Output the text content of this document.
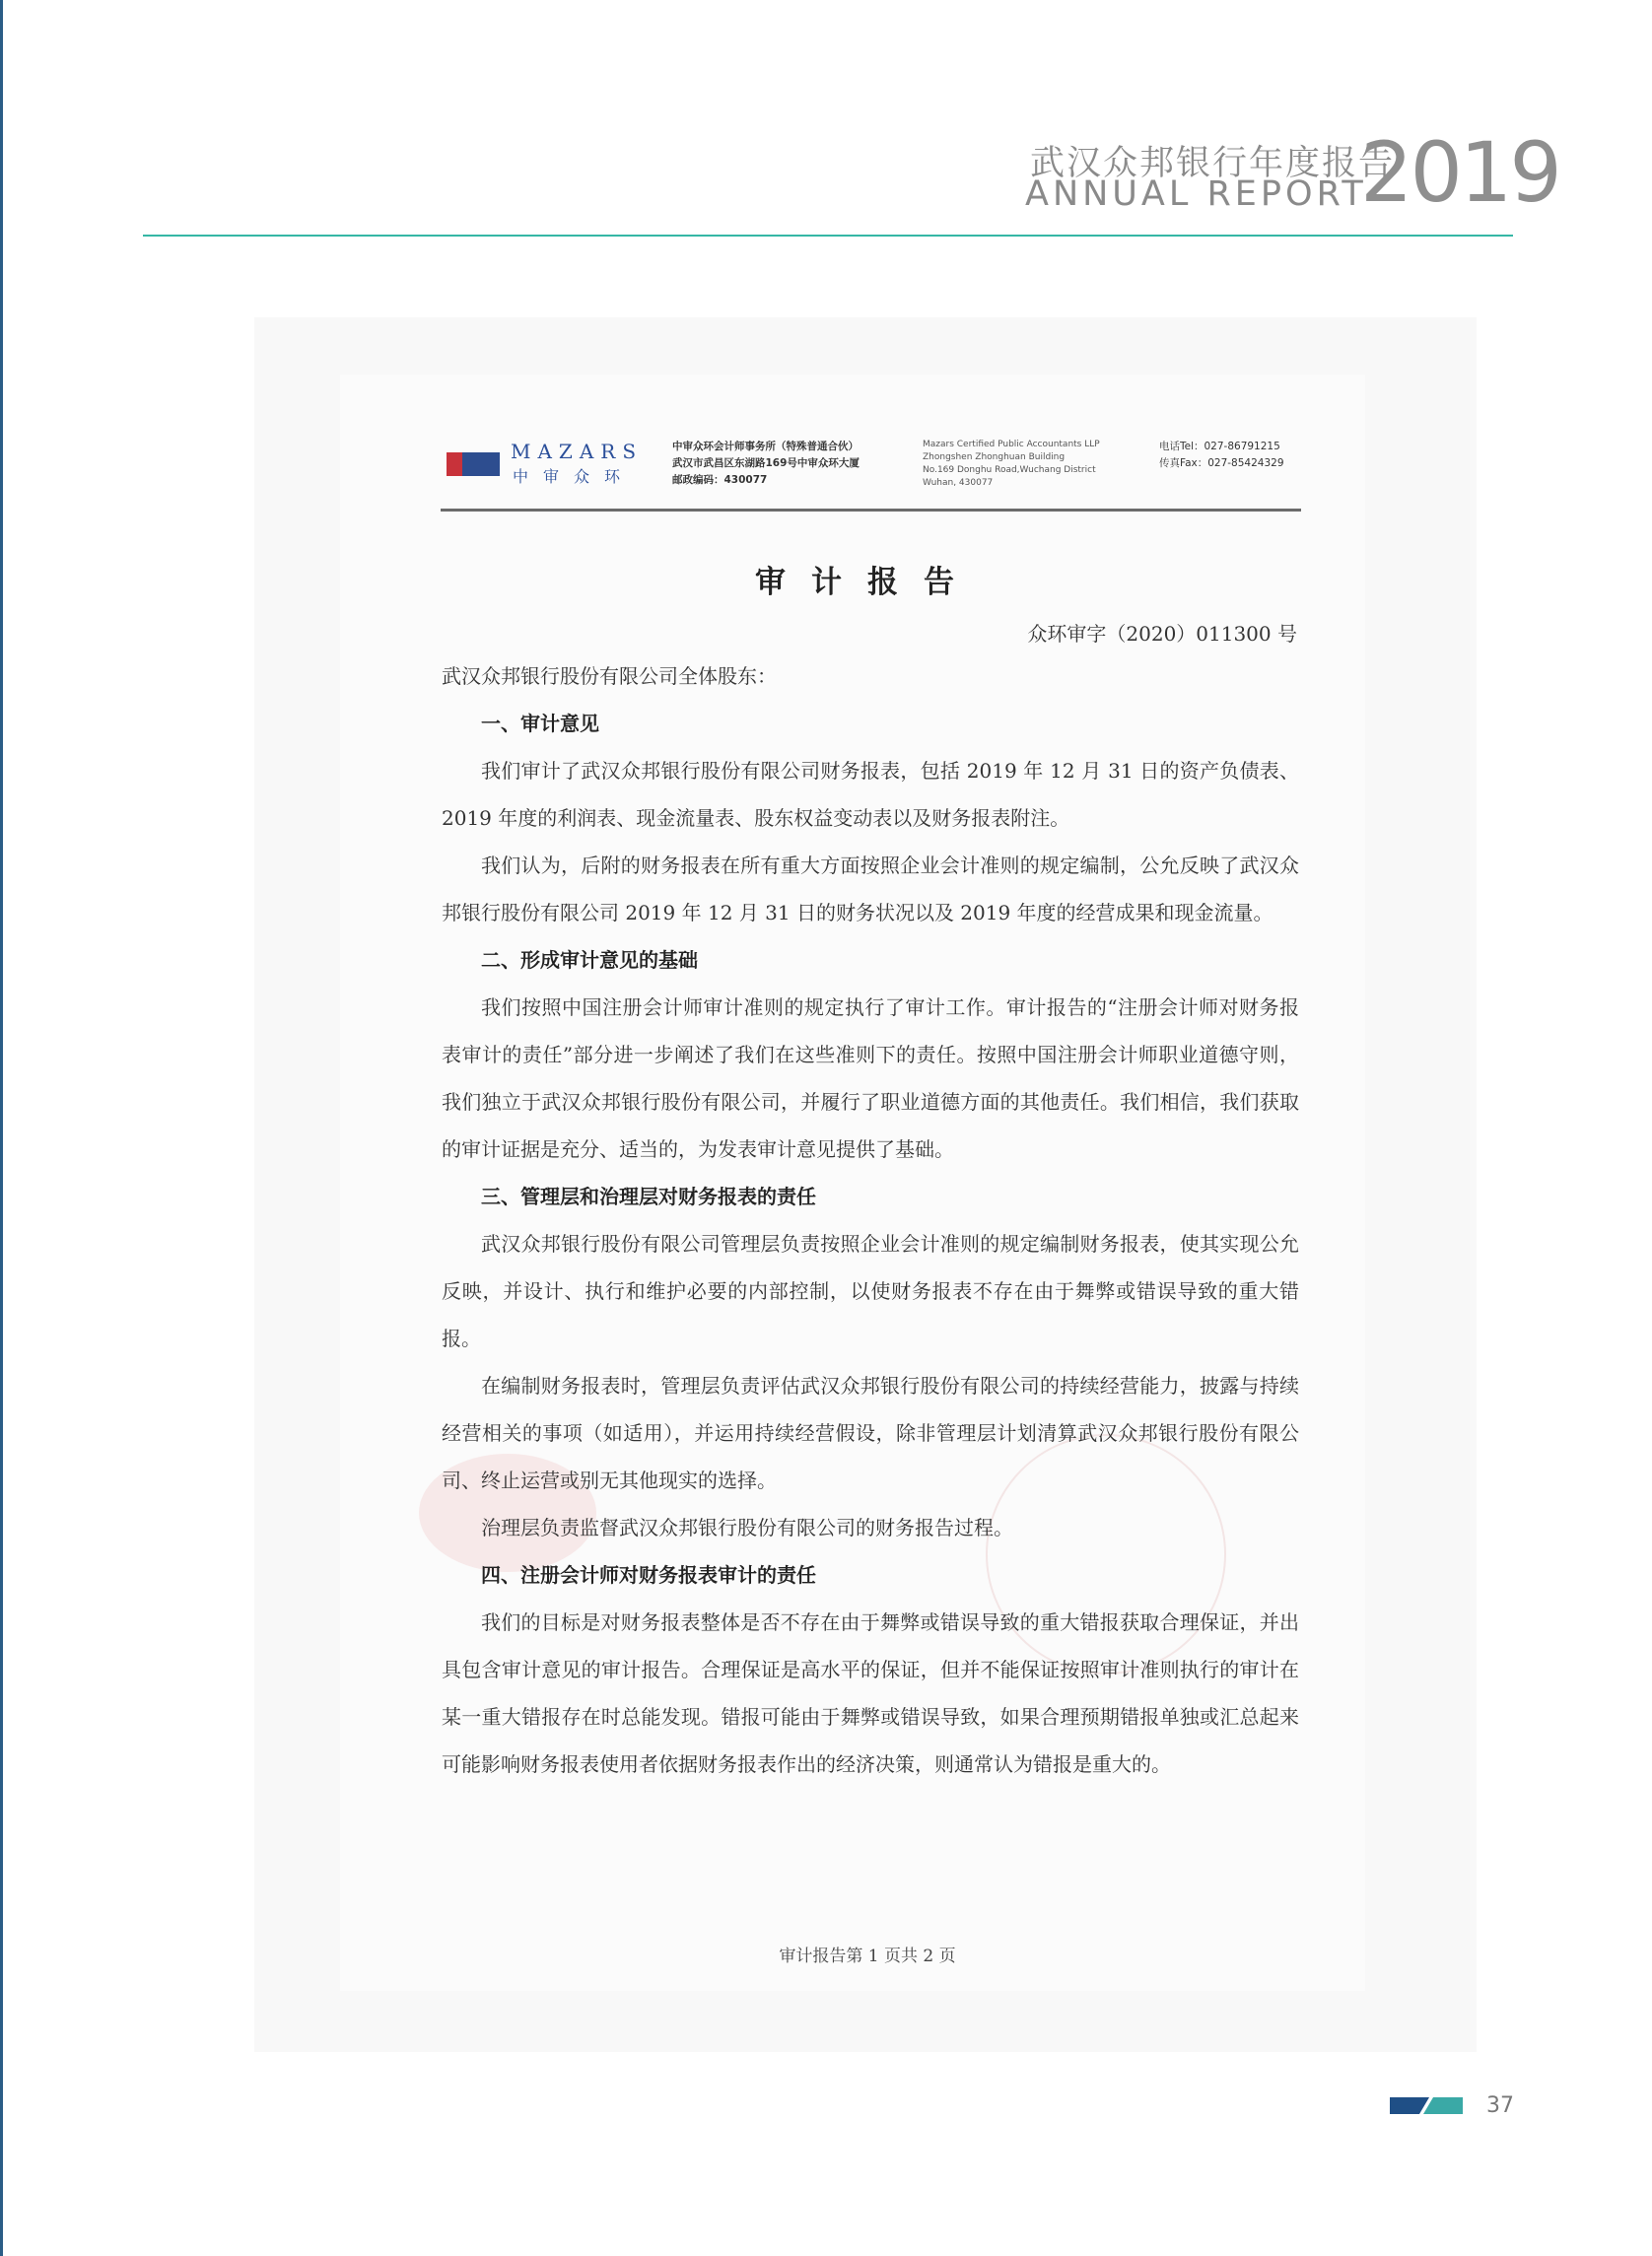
武汉众邦银行年度报告
ANNUAL REPORT
2019
MAZARS
中审众环
中审众环会计师事务所（特殊普通合伙）
武汉市武昌区东湖路169号中审众环大厦
邮政编码：430077
Mazars Certified Public Accountants LLP
Zhongshen Zhonghuan Building
No.169 Donghu Road,Wuchang District
Wuhan, 430077
电话Tel：027-86791215
传真Fax：027-85424329
审计报告
众环审字（2020）011300 号
武汉众邦银行股份有限公司全体股东：

一、审计意见

我们审计了武汉众邦银行股份有限公司财务报表，包括 2019 年 12 月 31 日的资产负债表、2019 年度的利润表、现金流量表、股东权益变动表以及财务报表附注。

我们认为，后附的财务报表在所有重大方面按照企业会计准则的规定编制，公允反映了武汉众邦银行股份有限公司 2019 年 12 月 31 日的财务状况以及 2019 年度的经营成果和现金流量。

二、形成审计意见的基础

我们按照中国注册会计师审计准则的规定执行了审计工作。审计报告的“注册会计师对财务报表审计的责任”部分进一步阐述了我们在这些准则下的责任。按照中国注册会计师职业道德守则，我们独立于武汉众邦银行股份有限公司，并履行了职业道德方面的其他责任。我们相信，我们获取的审计证据是充分、适当的，为发表审计意见提供了基础。

三、管理层和治理层对财务报表的责任

武汉众邦银行股份有限公司管理层负责按照企业会计准则的规定编制财务报表，使其实现公允反映，并设计、执行和维护必要的内部控制，以使财务报表不存在由于舞弊或错误导致的重大错报。

在编制财务报表时，管理层负责评估武汉众邦银行股份有限公司的持续经营能力，披露与持续经营相关的事项（如适用），并运用持续经营假设，除非管理层计划清算武汉众邦银行股份有限公司、终止运营或别无其他现实的选择。

治理层负责监督武汉众邦银行股份有限公司的财务报告过程。

四、注册会计师对财务报表审计的责任

我们的目标是对财务报表整体是否不存在由于舞弊或错误导致的重大错报获取合理保证，并出具包含审计意见的审计报告。合理保证是高水平的保证，但并不能保证按照审计准则执行的审计在某一重大错报存在时总能发现。错报可能由于舞弊或错误导致，如果合理预期错报单独或汇总起来可能影响财务报表使用者依据财务报表作出的经济决策，则通常认为错报是重大的。

审计报告第 1 页共 2 页
37
